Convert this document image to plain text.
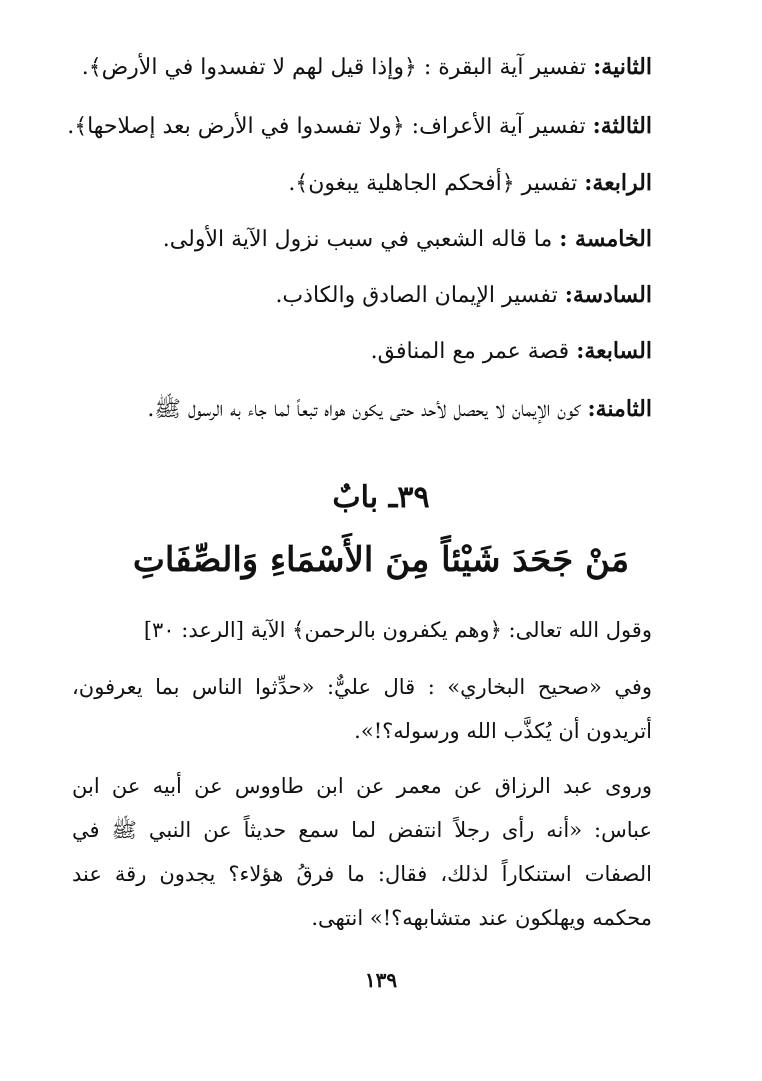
الثانية: تفسير آية البقرة : ﴿وإذا قيل لهم لا تفسدوا في الأرض﴾.
الثالثة: تفسير آية الأعراف: ﴿ولا تفسدوا في الأرض بعد إصلاحها﴾.
الرابعة: تفسير ﴿أفحكم الجاهلية يبغون﴾.
الخامسة : ما قاله الشعبي في سبب نزول الآية الأولى.
السادسة: تفسير الإيمان الصادق والكاذب.
السابعة: قصة عمر مع المنافق.
الثامنة: كون الإيمان لا يحصل لأحد حتى يكون هواه تبعاً لما جاء به الرسول ﷺ.
٣٩ـ بابٌ
مَنْ جَحَدَ شَيْئاً مِنَ الأَسْمَاءِ وَالصِّفَاتِ
وقول الله تعالى: ﴿وهم يكفرون بالرحمن﴾ الآية [الرعد: ٣٠]
وفي «صحيح البخاري» : قال عليٌّ: «حدِّثوا الناس بما يعرفون، أتريدون أن يُكذَّب الله ورسوله؟!».
وروى عبد الرزاق عن معمر عن ابن طاووس عن أبيه عن ابن عباس: «أنه رأى رجلاً انتفض لما سمع حديثاً عن النبي ﷺ في الصفات استنكاراً لذلك، فقال: ما فرقُ هؤلاء؟ يجدون رقة عند محكمه ويهلكون عند متشابهه؟!» انتهى.
١٣٩
